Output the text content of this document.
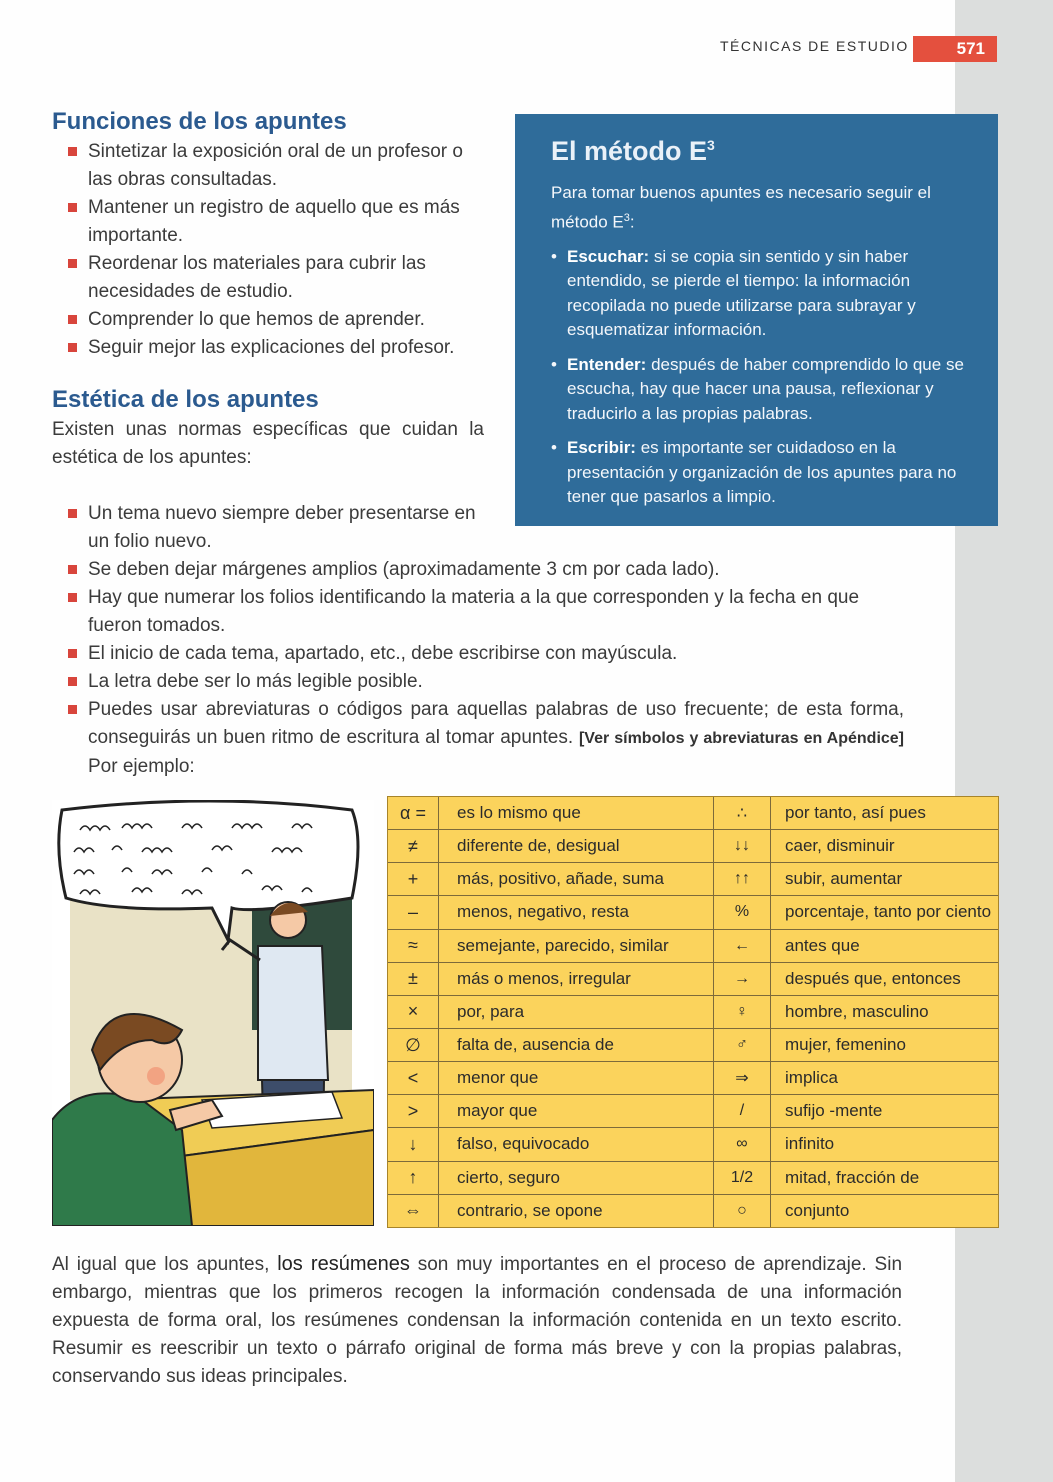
TÉCNICAS DE ESTUDIO	571
Funciones de los apuntes
Sintetizar la exposición oral de un profesor o las obras consultadas.
Mantener un registro de aquello que es más importante.
Reordenar los materiales para cubrir las necesidades de estudio.
Comprender lo que hemos de aprender.
Seguir mejor las explicaciones del profesor.
Estética de los apuntes

Existen unas normas específicas que cuidan la estética de los apuntes:

Un tema nuevo siempre deber presentarse en un folio nuevo.
Se deben dejar márgenes amplios (aproximadamente 3 cm por cada lado).
Hay que numerar los folios identificando la materia a la que corresponden y la fecha en que fueron tomados.
El inicio de cada tema, apartado, etc., debe escribirse con mayúscula.
La letra debe ser lo más legible posible.
Puedes usar abreviaturas o códigos para aquellas palabras de uso frecuente; de esta forma, conseguirás un buen ritmo de escritura al tomar apuntes. [Ver símbolos y abreviaturas en Apéndice] Por ejemplo:
El método $E^3$

Para tomar buenos apuntes es necesario seguir el método $E^3$:

• Escuchar: si se copia sin sentido y sin haber entendido, se pierde el tiempo: la información recopilada no puede utilizarse para subrayar y esquematizar información.
• Entender: después de haber comprendido lo que se escucha, hay que hacer una pausa, reflexionar y traducirlo a las propias palabras.
• Escribir: es importante ser cuidadoso en la presentación y organización de los apuntes para no tener que pasarlos a limpio.
α =	es lo mismo que	∴	por tanto, así pues
≠	diferente de, desigual	↓↓	caer, disminuir
+	más, positivo, añade, suma	↑↑	subir, aumentar
–	menos, negativo, resta	%	porcentaje, tanto por ciento
≈	semejante, parecido, similar	←	antes que
±	más o menos, irregular	→	después que, entonces
×	por, para	♀	hombre, masculino
∅	falta de, ausencia de	♂	mujer, femenino
<	menor que	⇒	implica
>	mayor que	/	sufijo -mente
↓	falso, equivocado	∞	infinito
↑	cierto, seguro	1/2	mitad, fracción de
⇔	contrario, se opone	○	conjunto

Al igual que los apuntes, los resúmenes son muy importantes en el proceso de aprendizaje. Sin embargo, mientras que los primeros recogen la información condensada de una información expuesta de forma oral, los resúmenes condensan la información contenida en un texto escrito. Resumir es reescribir un texto o párrafo original de forma más breve y con la propias palabras, conservando sus ideas principales.
